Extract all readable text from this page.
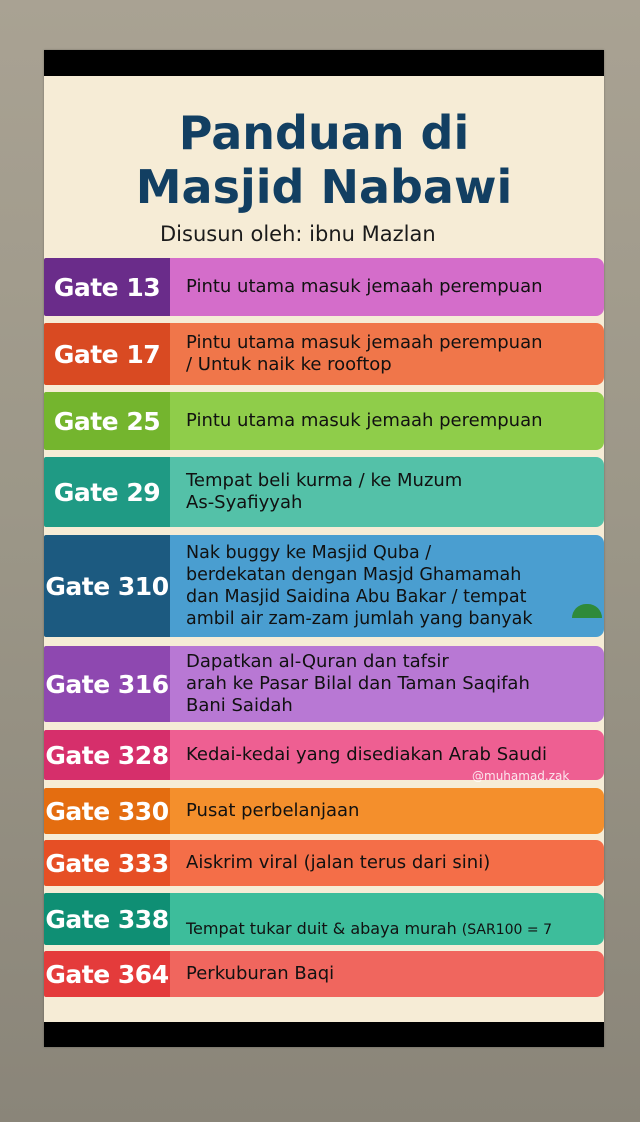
Panduan di
Masjid Nabawi
Disusun oleh: ibnu Mazlan
Gate 13	Pintu utama masuk jemaah perempuan
Gate 17	Pintu utama masuk jemaah perempuan
/ Untuk naik ke rooftop
Gate 25	Pintu utama masuk jemaah perempuan
Gate 29	Tempat beli kurma / ke Muzum
As-Syafiyyah
Gate 310
Nak buggy ke Masjid Quba /
berdekatan dengan Masjd Ghamamah
dan Masjid Saidina Abu Bakar / tempat
ambil air zam-zam jumlah yang banyak
Gate 316
Dapatkan al-Quran dan tafsir
arah ke Pasar Bilal dan Taman Saqifah
Bani Saidah
Gate 328 Kedai-kedai yang disediakan Arab Saudi
@muhamad.zak
Gate 330 Pusat perbelanjaan
Gate 333 Aiskrim viral (jalan terus dari sini)
Gate 338	Tempat tukar duit & abaya murah (SAR100 = 7

Gate 364 Perkuburan Baqi
